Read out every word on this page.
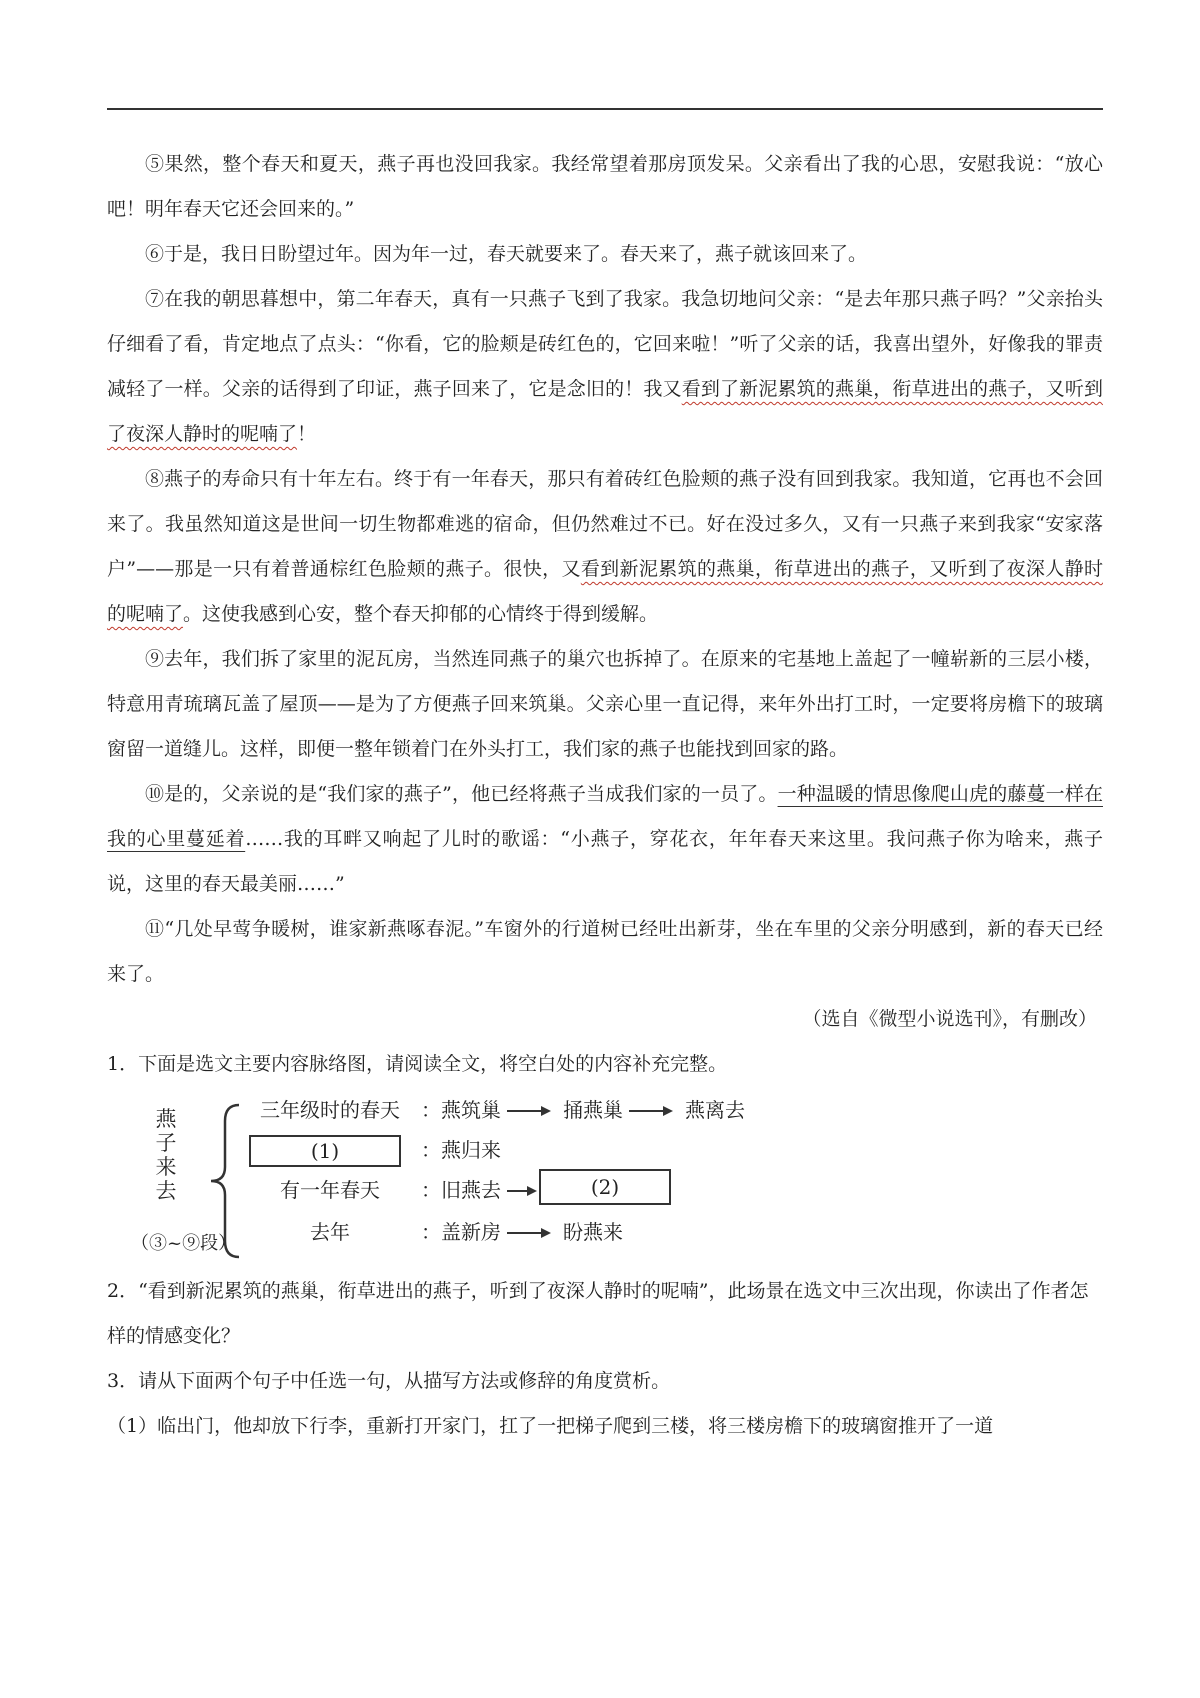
⑤果然，整个春天和夏天，燕子再也没回我家。我经常望着那房顶发呆。父亲看出了我的心思，安慰我说：“放心吧！明年春天它还会回来的。”

⑥于是，我日日盼望过年。因为年一过，春天就要来了。春天来了，燕子就该回来了。

⑦在我的朝思暮想中，第二年春天，真有一只燕子飞到了我家。我急切地问父亲：“是去年那只燕子吗？”父亲抬头仔细看了看，肯定地点了点头：“你看，它的脸颊是砖红色的，它回来啦！”听了父亲的话，我喜出望外，好像我的罪责减轻了一样。父亲的话得到了印证，燕子回来了，它是念旧的！我又看到了新泥累筑的燕巢，衔草进出的燕子，又听到了夜深人静时的呢喃了！

⑧燕子的寿命只有十年左右。终于有一年春天，那只有着砖红色脸颊的燕子没有回到我家。我知道，它再也不会回来了。我虽然知道这是世间一切生物都难逃的宿命，但仍然难过不已。好在没过多久，又有一只燕子来到我家“安家落户”——那是一只有着普通棕红色脸颊的燕子。很快，又看到新泥累筑的燕巢，衔草进出的燕子，又听到了夜深人静时的呢喃了。这使我感到心安，整个春天抑郁的心情终于得到缓解。

⑨去年，我们拆了家里的泥瓦房，当然连同燕子的巢穴也拆掉了。在原来的宅基地上盖起了一幢崭新的三层小楼，特意用青琉璃瓦盖了屋顶——是为了方便燕子回来筑巢。父亲心里一直记得，来年外出打工时，一定要将房檐下的玻璃窗留一道缝儿。这样，即便一整年锁着门在外头打工，我们家的燕子也能找到回家的路。

⑩是的，父亲说的是“我们家的燕子”，他已经将燕子当成我们家的一员了。一种温暖的情思像爬山虎的藤蔓一样在我的心里蔓延着……我的耳畔又响起了儿时的歌谣：“小燕子，穿花衣，年年春天来这里。我问燕子你为啥来，燕子说，这里的春天最美丽……”

⑪“几处早莺争暖树，谁家新燕啄春泥。”车窗外的行道树已经吐出新芽，坐在车里的父亲分明感到，新的春天已经来了。

（选自《微型小说选刊》，有删改）

1．下面是选文主要内容脉络图，请阅读全文，将空白处的内容补充完整。

燕
子
来
去
（③~⑨段）
三年级时的春天	： 燕筑巢	捅燕巢	燕离去
(1)	： 燕归来
有一年春天	： 旧燕去	(2)
去年	： 盖新房	盼燕来

2．“看到新泥累筑的燕巢，衔草进出的燕子，听到了夜深人静时的呢喃”，此场景在选文中三次出现，你读出了作者怎样的情感变化？

3．请从下面两个句子中任选一句，从描写方法或修辞的角度赏析。

（1）临出门，他却放下行李，重新打开家门，扛了一把梯子爬到三楼，将三楼房檐下的玻璃窗推开了一道
